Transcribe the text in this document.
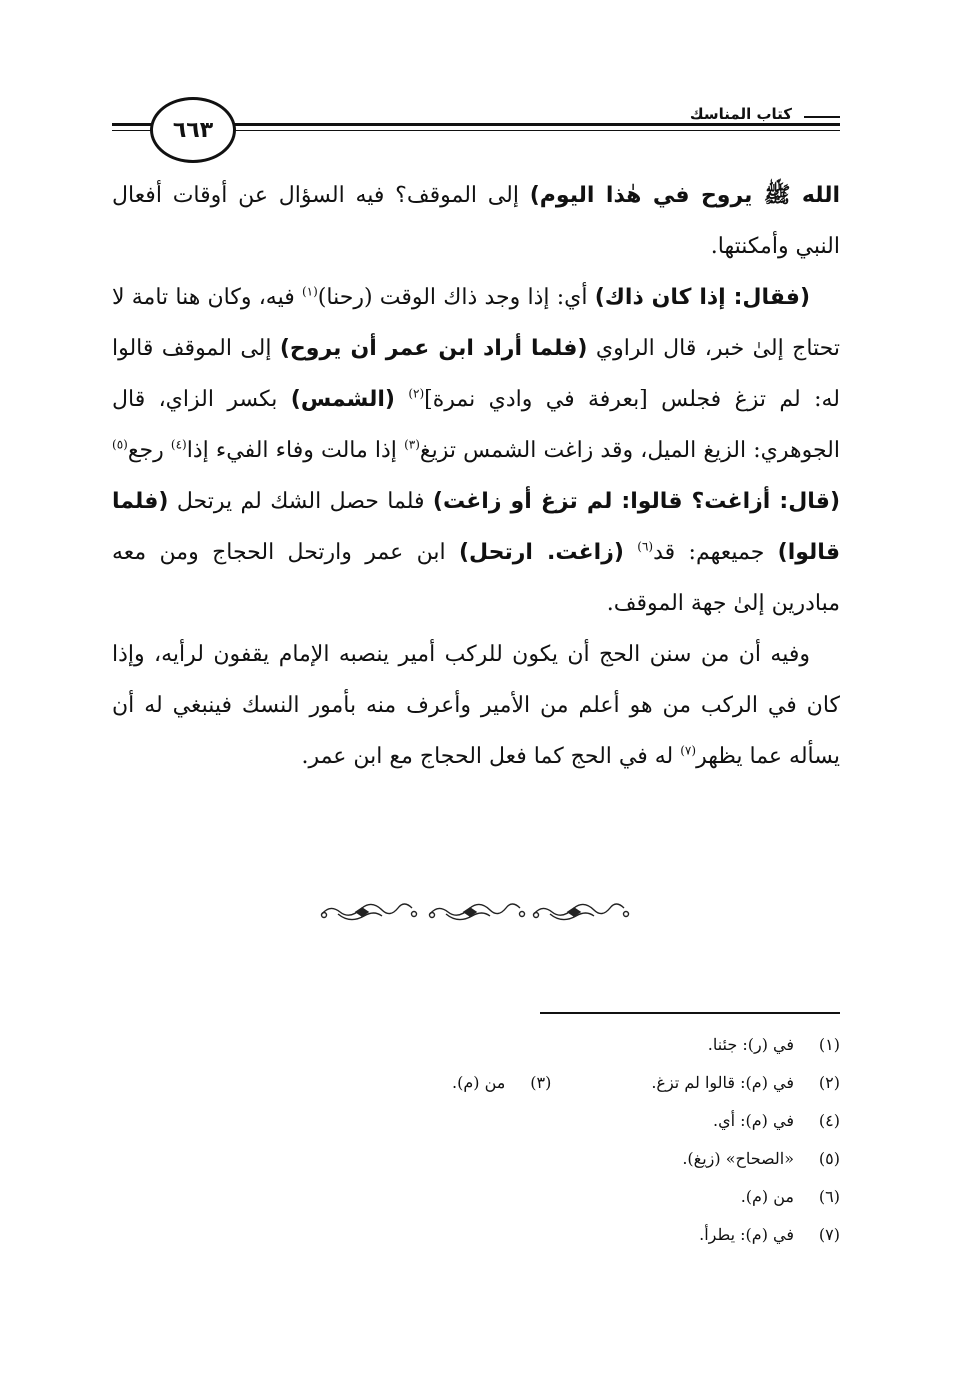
كتاب المناسك
٦٦٣

الله ﷺ يروح في هٰذا اليوم) إلى الموقف؟ فيه السؤال عن أوقات أفعال النبي وأمكنتها.

(فقال: إذا كان ذاك) أي: إذا وجد ذاك الوقت (رحنا)$^{(١)}$ فيه، وكان هنا تامة لا تحتاج إلىٰ خبر، قال الراوي (فلما أراد ابن عمر أن يروح) إلى الموقف قالوا له: لم تزغ فجلس [بعرفة في وادي نمرة]$^{(٢)}$ (الشمس) بكسر الزاي، قال الجوهري: الزيغ الميل، وقد زاغت الشمس تزيغ$^{(٣)}$ إذا مالت وفاء الفيء إذا$^{(٤)}$ رجع$^{(٥)}$ (قال: أزاغت؟ قالوا: لم تزغ أو زاغت) فلما حصل الشك لم يرتحل (فلما قالوا) جميعهم: قد$^{(٦)}$ (زاغت. ارتحل) ابن عمر وارتحل الحجاج ومن معه مبادرين إلىٰ جهة الموقف.

وفيه أن من سنن الحج أن يكون للركب أمير ينصبه الإمام يقفون لرأيه، وإذا كان في الركب من هو أعلم من الأمير وأعرف منه بأمور النسك فينبغي له أن يسأله عما يظهر$^{(٧)}$ له في الحج كما فعل الحجاج مع ابن عمر.

(١)
في (ر): جئنا.
(٢)
في (م): قالوا لم تزغ.
(٣)
من (م).
(٤)
في (م): أي.
(٥)
«الصحاح» (زيغ).
(٦)
من (م).
(٧)
في (م): يطرأ.
